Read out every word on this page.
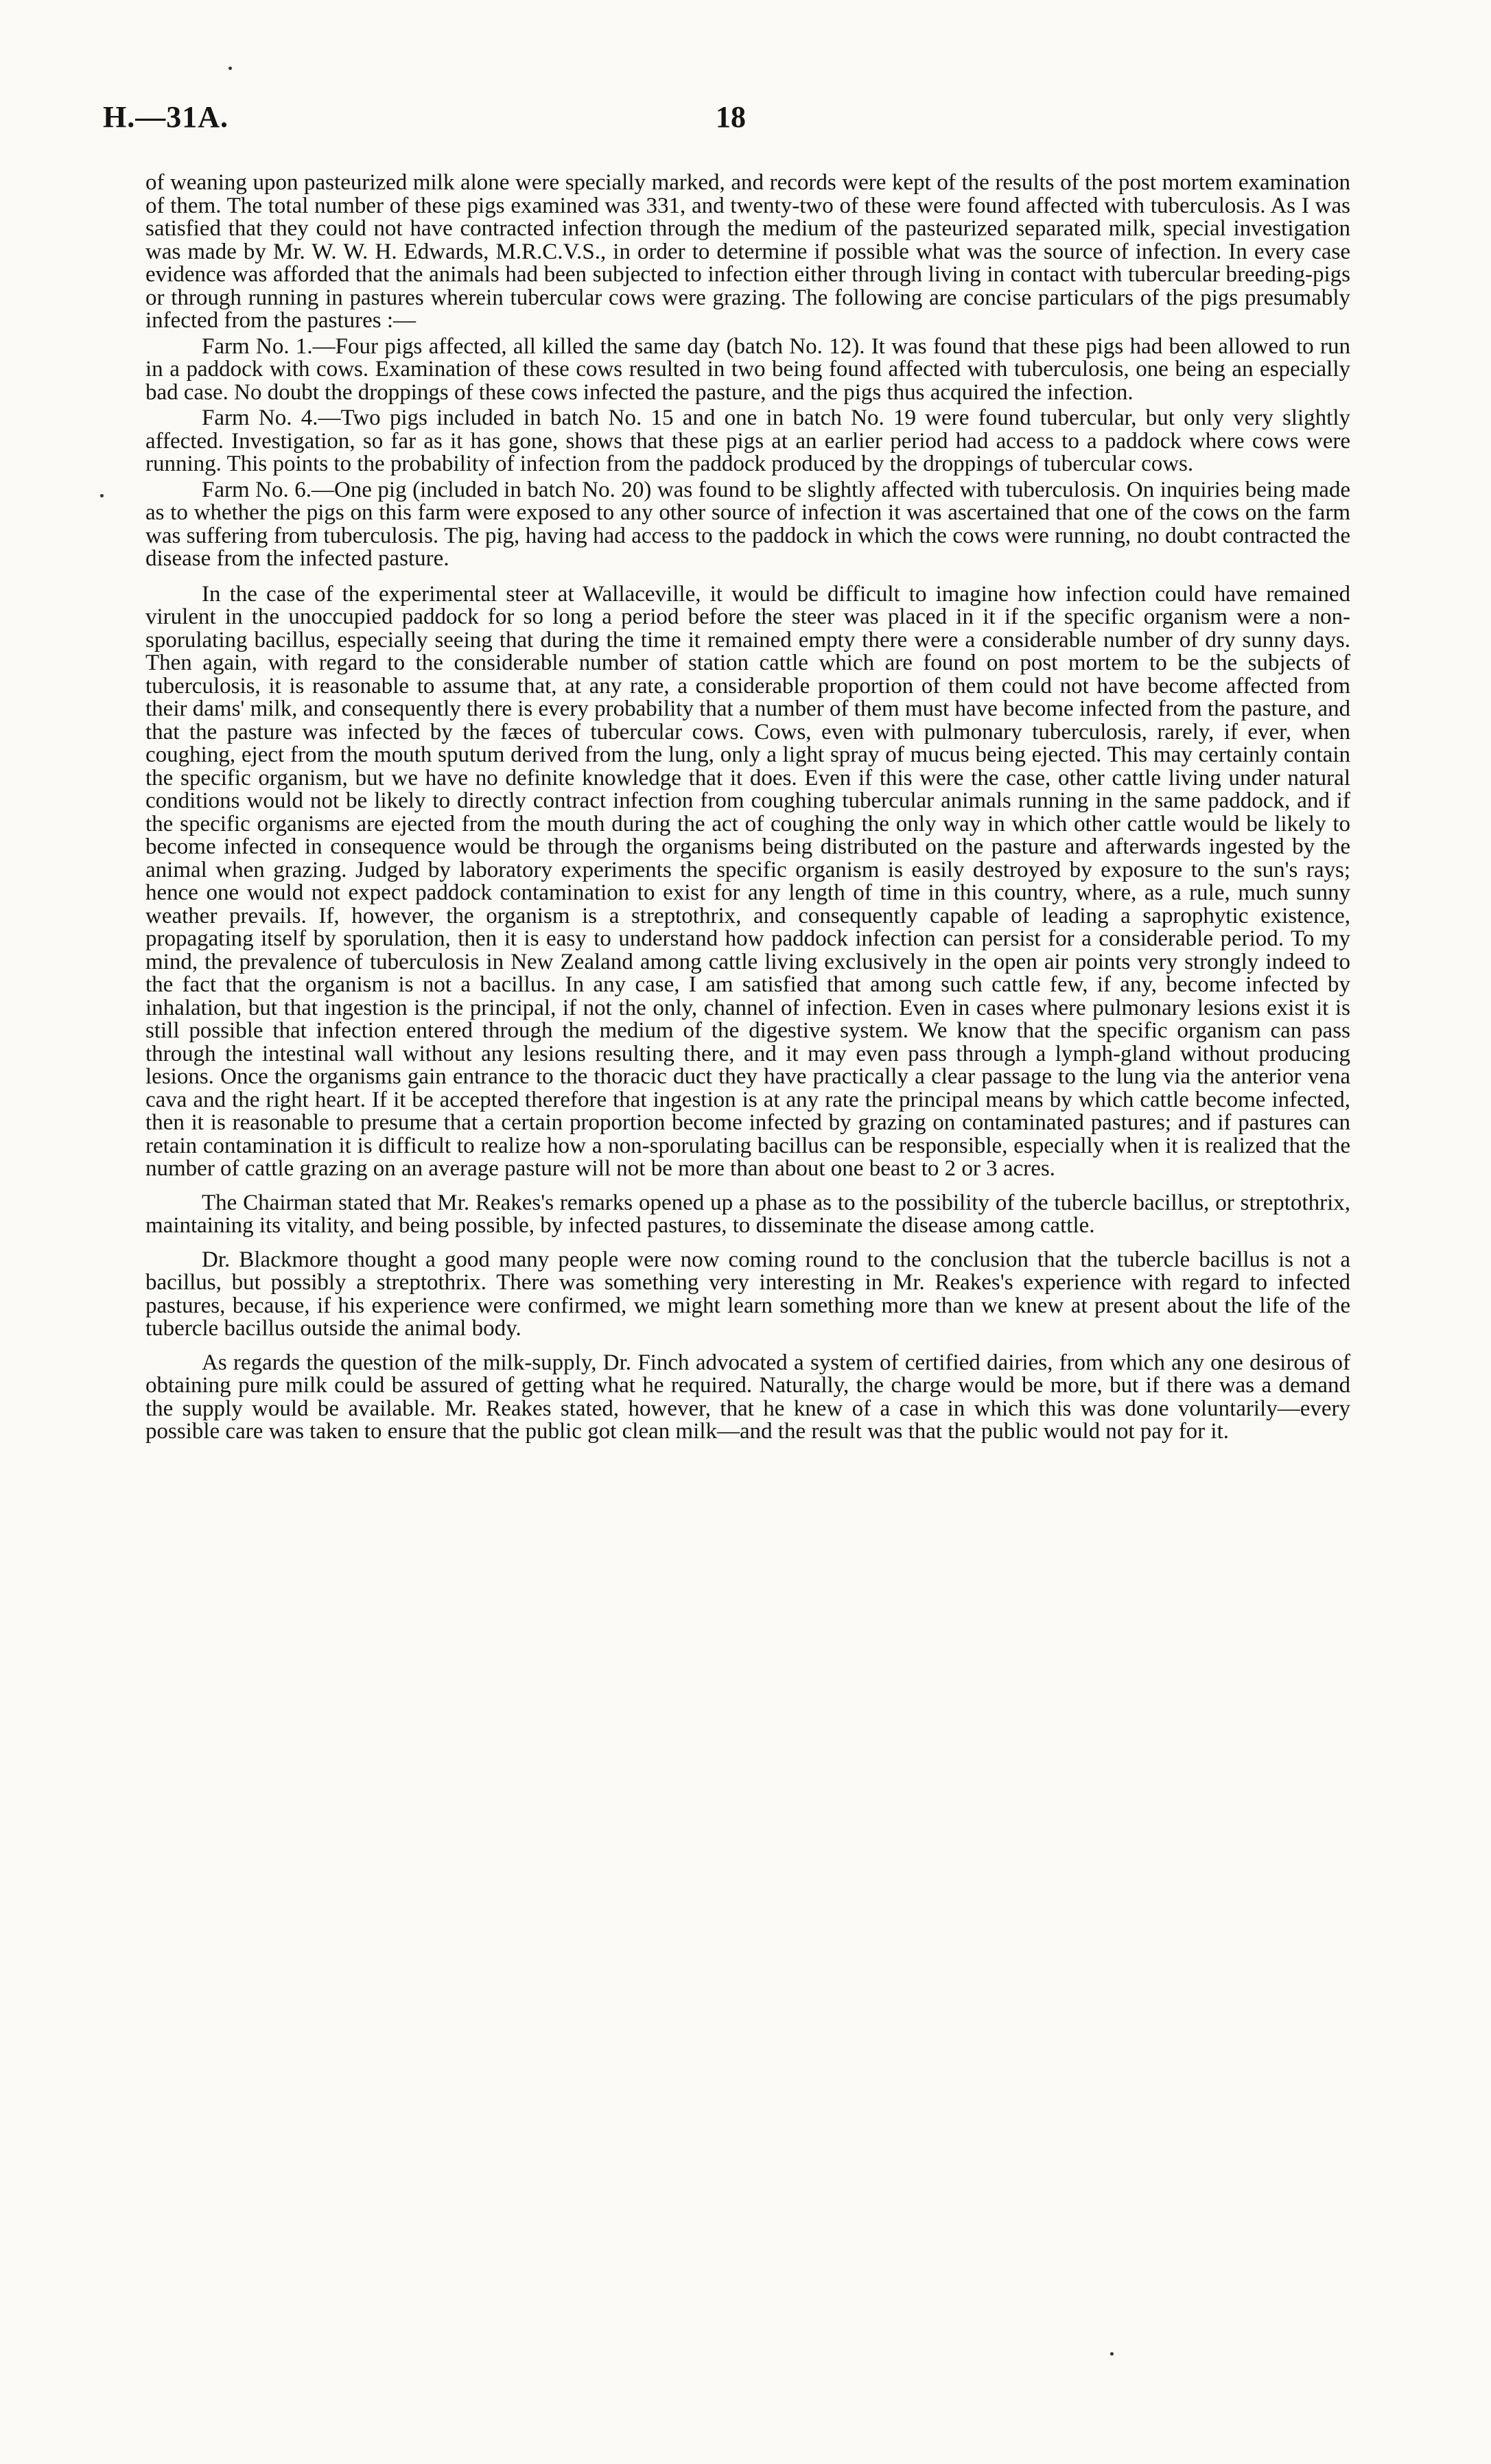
H.—31A.	18

of weaning upon pasteurized milk alone were specially marked, and records were kept of the results of the post mortem examination of them. The total number of these pigs examined was 331, and twenty-two of these were found affected with tuberculosis. As I was satisfied that they could not have contracted infection through the medium of the pasteurized separated milk, special investigation was made by Mr. W. W. H. Edwards, M.R.C.V.S., in order to determine if possible what was the source of infection. In every case evidence was afforded that the animals had been subjected to infection either through living in contact with tubercular breeding-pigs or through running in pastures wherein tubercular cows were grazing. The following are concise particulars of the pigs presumably infected from the pastures :—

Farm No. 1.—Four pigs affected, all killed the same day (batch No. 12). It was found that these pigs had been allowed to run in a paddock with cows. Examination of these cows resulted in two being found affected with tuberculosis, one being an especially bad case. No doubt the droppings of these cows infected the pasture, and the pigs thus acquired the infection.

Farm No. 4.—Two pigs included in batch No. 15 and one in batch No. 19 were found tubercular, but only very slightly affected. Investigation, so far as it has gone, shows that these pigs at an earlier period had access to a paddock where cows were running. This points to the probability of infection from the paddock produced by the droppings of tubercular cows.

Farm No. 6.—One pig (included in batch No. 20) was found to be slightly affected with tuberculosis. On inquiries being made as to whether the pigs on this farm were exposed to any other source of infection it was ascertained that one of the cows on the farm was suffering from tuberculosis. The pig, having had access to the paddock in which the cows were running, no doubt contracted the disease from the infected pasture.

In the case of the experimental steer at Wallaceville, it would be difficult to imagine how infection could have remained virulent in the unoccupied paddock for so long a period before the steer was placed in it if the specific organism were a non-sporulating bacillus, especially seeing that during the time it remained empty there were a considerable number of dry sunny days. Then again, with regard to the considerable number of station cattle which are found on post mortem to be the subjects of tuberculosis, it is reasonable to assume that, at any rate, a considerable proportion of them could not have become affected from their dams' milk, and consequently there is every probability that a number of them must have become infected from the pasture, and that the pasture was infected by the fæces of tubercular cows. Cows, even with pulmonary tuberculosis, rarely, if ever, when coughing, eject from the mouth sputum derived from the lung, only a light spray of mucus being ejected. This may certainly contain the specific organism, but we have no definite knowledge that it does. Even if this were the case, other cattle living under natural conditions would not be likely to directly contract infection from coughing tubercular animals running in the same paddock, and if the specific organisms are ejected from the mouth during the act of coughing the only way in which other cattle would be likely to become infected in consequence would be through the organisms being distributed on the pasture and afterwards ingested by the animal when grazing. Judged by laboratory experiments the specific organism is easily destroyed by exposure to the sun's rays; hence one would not expect paddock contamination to exist for any length of time in this country, where, as a rule, much sunny weather prevails. If, however, the organism is a streptothrix, and consequently capable of leading a saprophytic existence, propagating itself by sporulation, then it is easy to understand how paddock infection can persist for a considerable period. To my mind, the prevalence of tuberculosis in New Zealand among cattle living exclusively in the open air points very strongly indeed to the fact that the organism is not a bacillus. In any case, I am satisfied that among such cattle few, if any, become infected by inhalation, but that ingestion is the principal, if not the only, channel of infection. Even in cases where pulmonary lesions exist it is still possible that infection entered through the medium of the digestive system. We know that the specific organism can pass through the intestinal wall without any lesions resulting there, and it may even pass through a lymph-gland without producing lesions. Once the organisms gain entrance to the thoracic duct they have practically a clear passage to the lung via the anterior vena cava and the right heart. If it be accepted therefore that ingestion is at any rate the principal means by which cattle become infected, then it is reasonable to presume that a certain proportion become infected by grazing on contaminated pastures; and if pastures can retain contamination it is difficult to realize how a non-sporulating bacillus can be responsible, especially when it is realized that the number of cattle grazing on an average pasture will not be more than about one beast to 2 or 3 acres.

The Chairman stated that Mr. Reakes's remarks opened up a phase as to the possibility of the tubercle bacillus, or streptothrix, maintaining its vitality, and being possible, by infected pastures, to disseminate the disease among cattle.

Dr. Blackmore thought a good many people were now coming round to the conclusion that the tubercle bacillus is not a bacillus, but possibly a streptothrix. There was something very interesting in Mr. Reakes's experience with regard to infected pastures, because, if his experience were confirmed, we might learn something more than we knew at present about the life of the tubercle bacillus outside the animal body.

As regards the question of the milk-supply, Dr. Finch advocated a system of certified dairies, from which any one desirous of obtaining pure milk could be assured of getting what he required. Naturally, the charge would be more, but if there was a demand the supply would be available. Mr. Reakes stated, however, that he knew of a case in which this was done voluntarily—every possible care was taken to ensure that the public got clean milk—and the result was that the public would not pay for it.
